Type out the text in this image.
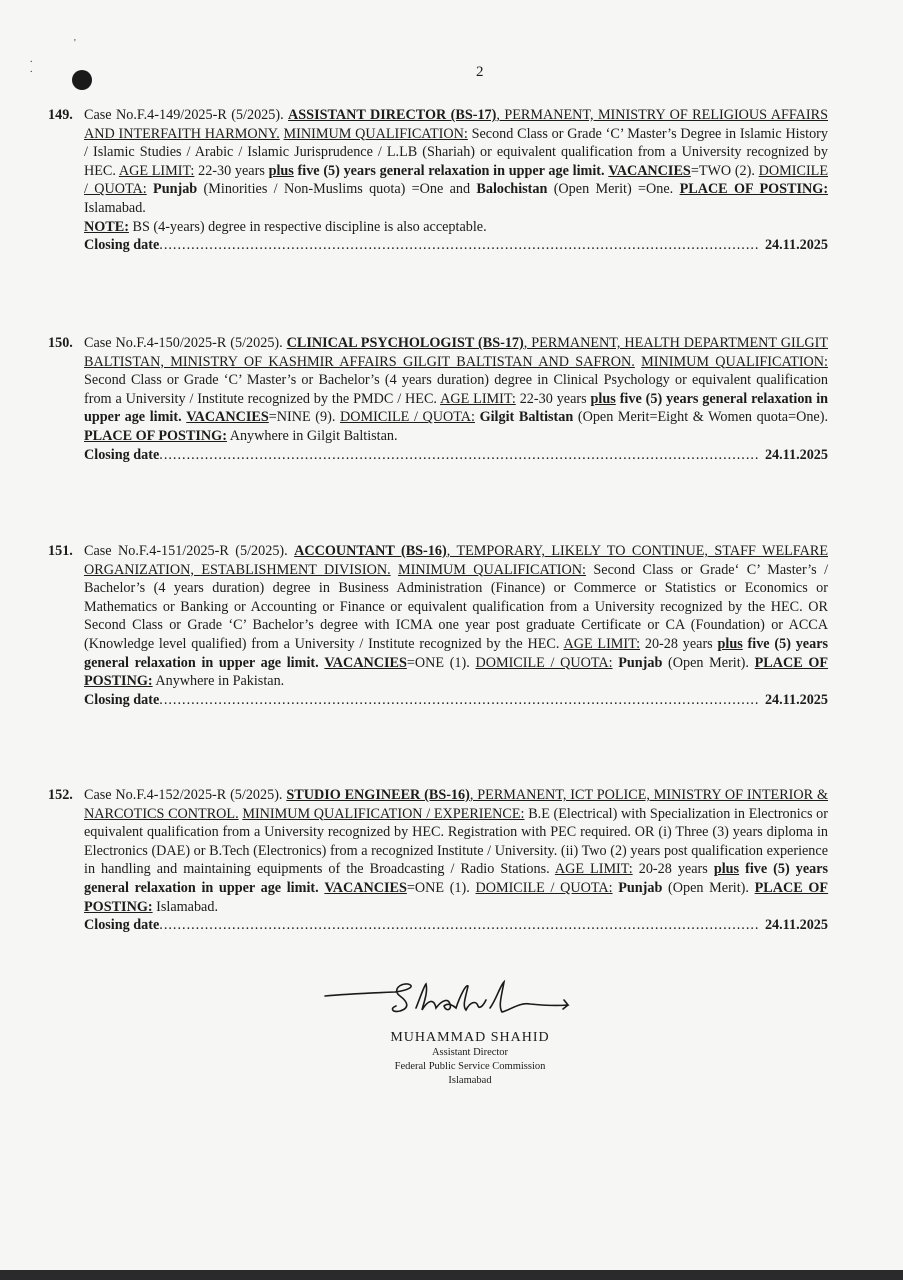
'
.
.	2
149. Case No.F.4-149/2025-R (5/2025). ASSISTANT DIRECTOR (BS-17), PERMANENT, MINISTRY OF RELIGIOUS AFFAIRS AND INTERFAITH HARMONY. MINIMUM QUALIFICATION: Second Class or Grade ‘C’ Master’s Degree in Islamic History / Islamic Studies / Arabic / Islamic Jurisprudence / L.LB (Shariah) or equivalent qualification from a University recognized by HEC. AGE LIMIT: 22-30 years plus five (5) years general relaxation in upper age limit. VACANCIES=TWO (2). DOMICILE / QUOTA: Punjab (Minorities / Non-Muslims quota) =One and Balochistan (Open Merit) =One. PLACE OF POSTING: Islamabad.
NOTE: BS (4-years) degree in respective discipline is also acceptable.
Closing date .....	24.11.2025
150. Case No.F.4-150/2025-R (5/2025). CLINICAL PSYCHOLOGIST (BS-17), PERMANENT, HEALTH DEPARTMENT GILGIT BALTISTAN, MINISTRY OF KASHMIR AFFAIRS GILGIT BALTISTAN AND SAFRON. MINIMUM QUALIFICATION: Second Class or Grade ‘C’ Master’s or Bachelor’s (4 years duration) degree in Clinical Psychology or equivalent qualification from a University / Institute recognized by the PMDC / HEC. AGE LIMIT: 22-30 years plus five (5) years general relaxation in upper age limit. VACANCIES=NINE (9). DOMICILE / QUOTA: Gilgit Baltistan (Open Merit=Eight & Women quota=One). PLACE OF POSTING: Anywhere in Gilgit Baltistan.
Closing date .....	24.11.2025
151. Case No.F.4-151/2025-R (5/2025). ACCOUNTANT (BS-16), TEMPORARY, LIKELY TO CONTINUE, STAFF WELFARE ORGANIZATION, ESTABLISHMENT DIVISION. MINIMUM QUALIFICATION: Second Class or Grade‘ C’ Master’s / Bachelor’s (4 years duration) degree in Business Administration (Finance) or Commerce or Statistics or Economics or Mathematics or Banking or Accounting or Finance or equivalent qualification from a University recognized by the HEC. OR Second Class or Grade ‘C’ Bachelor’s degree with ICMA one year post graduate Certificate or CA (Foundation) or ACCA (Knowledge level qualified) from a University / Institute recognized by the HEC. AGE LIMIT: 20-28 years plus five (5) years general relaxation in upper age limit. VACANCIES=ONE (1). DOMICILE / QUOTA: Punjab (Open Merit). PLACE OF POSTING: Anywhere in Pakistan.
Closing date .....	24.11.2025
152. Case No.F.4-152/2025-R (5/2025). STUDIO ENGINEER (BS-16), PERMANENT, ICT POLICE, MINISTRY OF INTERIOR & NARCOTICS CONTROL. MINIMUM QUALIFICATION / EXPERIENCE: B.E (Electrical) with Specialization in Electronics or equivalent qualification from a University recognized by HEC. Registration with PEC required. OR (i) Three (3) years diploma in Electronics (DAE) or B.Tech (Electronics) from a recognized Institute / University. (ii) Two (2) years post qualification experience in handling and maintaining equipments of the Broadcasting / Radio Stations. AGE LIMIT: 20-28 years plus five (5) years general relaxation in upper age limit. VACANCIES=ONE (1). DOMICILE / QUOTA: Punjab (Open Merit). PLACE OF POSTING: Islamabad.
Closing date .....	24.11.2025
MUHAMMAD SHAHID
Assistant Director
Federal Public Service Commission
Islamabad
